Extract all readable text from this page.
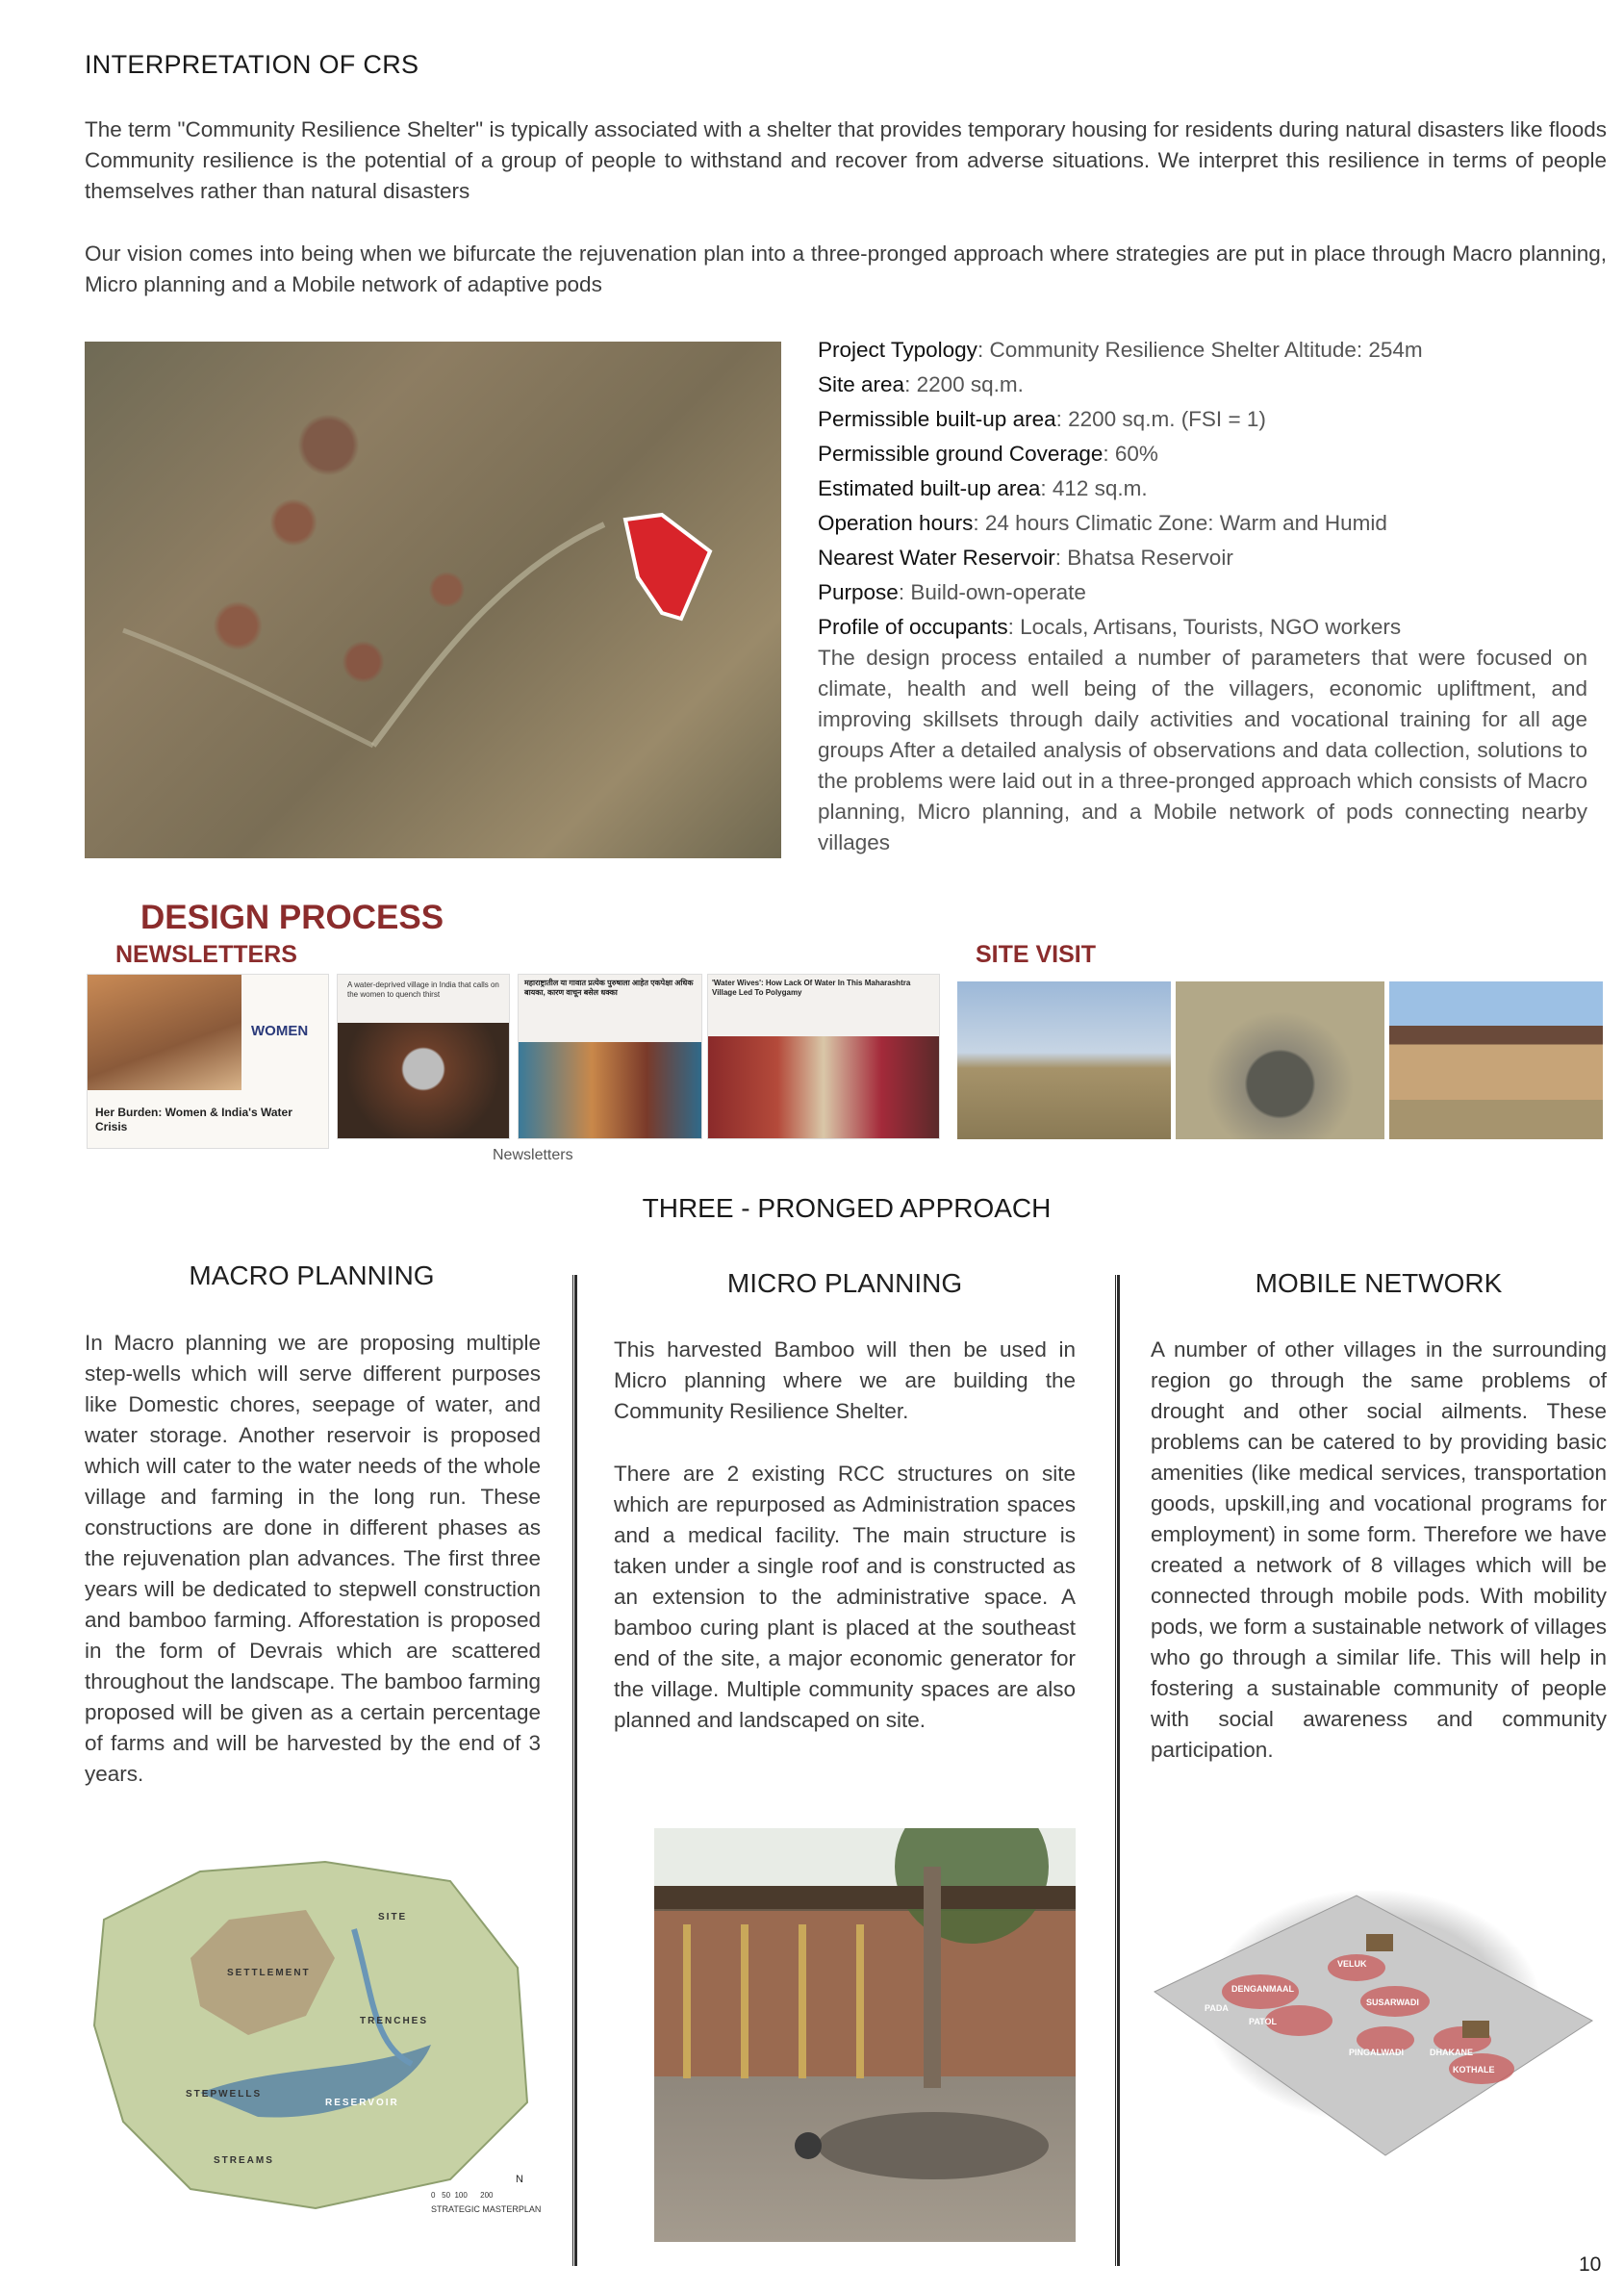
INTERPRETATION OF CRS
The term "Community Resilience Shelter" is typically associated with a shelter that provides temporary housing for residents during natural disasters like floods Community resilience is the potential of a group of people to withstand and recover from adverse situations. We interpret this resilience in terms of people themselves rather than natural disasters
Our vision comes into being when we bifurcate the rejuvenation plan into a three-pronged approach where strategies are put in place through Macro planning, Micro planning and a Mobile network of adaptive pods
Project Typology: Community Resilience Shelter Altitude: 254m
Site area: 2200 sq.m.
Permissible built-up area: 2200 sq.m. (FSI = 1)
Permissible ground Coverage: 60%
Estimated built-up area: 412 sq.m.
Operation hours: 24 hours Climatic Zone: Warm and Humid
Nearest Water Reservoir: Bhatsa Reservoir
Purpose: Build-own-operate
Profile of occupants: Locals, Artisans, Tourists, NGO workers
The design process entailed a number of parameters that were focused on climate, health and well being of the villagers, economic upliftment, and improving skillsets through daily activities and vocational training for all age groups After a detailed analysis of observations and data collection, solutions to the problems were laid out in a three-pronged approach which consists of Macro planning, Micro planning, and a Mobile network of pods connecting nearby villages
DESIGN PROCESS
NEWSLETTERS	SITE VISIT
WOMEN
Her Burden: Women & India's Water Crisis
A water-deprived village in India that calls on the women to quench thirst
महाराष्ट्रातील या गावात प्रत्येक पुरुषाला आहेत एकपेक्षा अधिक बायका, कारण वाचून बसेल धक्का
'Water Wives': How Lack Of Water In This Maharashtra Village Led To Polygamy
Newsletters
THREE - PRONGED APPROACH
MACRO PLANNING
In Macro planning we are proposing multiple step-wells which will serve different purposes like Domestic chores, seepage of water, and water storage. Another reservoir is proposed which will cater to the water needs of the whole village and farming in the long run. These constructions are done in different phases as the rejuvenation plan advances. The first three years will be dedicated to stepwell construction and bamboo farming. Afforestation is proposed in the form of Devrais which are scattered throughout the landscape. The bamboo farming proposed will be given as a certain percentage of farms and will be harvested by the end of 3 years.
MICRO PLANNING
This harvested Bamboo will then be used in Micro planning where we are building the Community Resilience Shelter.
There are 2 existing RCC structures on site which are repurposed as Administration spaces and a medical facility. The main structure is taken under a single roof and is constructed as an extension to the administrative space. A bamboo curing plant is placed at the southeast end of the site, a major economic generator for the village. Multiple community spaces are also planned and landscaped on site.
MOBILE NETWORK
A number of other villages in the surrounding region go through the same problems of drought and other social ailments. These problems can be catered to by providing basic amenities (like medical services, transportation goods, upskill,ing and vocational programs for employment) in some form. Therefore we have created a network of 8 villages which will be connected through mobile pods. With mobility pods, we form a sustainable network of villages who go through a similar life. This will help in fostering a sustainable community of people with social awareness and community participation.
SITE
SETTLEMENT
TRENCHES
STEPWELLS
RESERVOIR
STREAMS
N
0   50  100      200
STRATEGIC MASTERPLAN
VELUK
DENGANMAAL
PADA
PATOL
SUSARWADI
PINGALWADI	DHAKANE
KOTHALE
10
